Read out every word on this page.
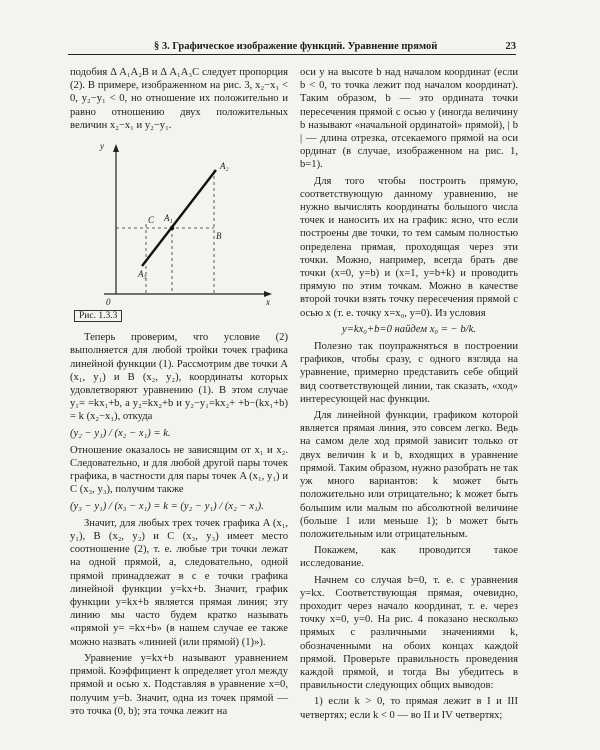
§ 3. Графическое изображение функций. Уравнение прямой	23

подобия Δ A₁A₂B и Δ A₁A₃C следует пропорция (2). В примере, изображенном на рис. 3, x₂−x₁ < 0, y₂−y₁ < 0, но отношение их положительно и равно отношению двух положительных величин x₂−x₁ и y₂−y₁.

y
x
0
A₁
A₂
A₃
B
C
Рис. 1.3.3

Теперь проверим, что условие (2) выполняется для любой тройки точек графика линейной функции (1). Рассмотрим две точки A (x₁, y₁) и B (x₂, y₂), координаты которых удовлетворяют уравнению (1). В этом случае y₁= =kx₁+b, а y₂=kx₂+b и y₂−y₁=kx₂+ +b−(kx₁+b) = k (x₂−x₁), откуда

(y₂ − y₁) / (x₂ − x₁) = k.

Отношение оказалось не зависящим от x₁ и x₂. Следовательно, и для любой другой пары точек графика, в частности для пары точек A (x₁, y₁) и C (x₃, y₃), получим также

(y₃ − y₁) / (x₃ − x₁) = k = (y₂ − y₁) / (x₂ − x₁).

Значит, для любых трех точек графика A (x₁, y₁), B (x₂, y₂) и C (x₃, y₃) имеет место соотношение (2), т. е. любые три точки лежат на одной прямой, а, следовательно, одной прямой принадлежат в с е точки графика линейной функции y=kx+b. Значит, график функции y=kx+b является прямая линия; эту линию мы часто будем кратко называть «прямой y= =kx+b» (в нашем случае ее также можно назвать «линией (или прямой) (1)»).

Уравнение y=kx+b называют уравнением прямой. Коэффициент k определяет угол между прямой и осью x. Подставляя в уравнение x=0, получим y=b. Значит, одна из точек прямой — это точка (0, b); эта точка лежит на

оси y на высоте b над началом координат (если b < 0, то точка лежит под началом координат). Таким образом, b — это ордината точки пересечения прямой с осью y (иногда величину b называют «начальной ординатой» прямой), | b | — длина отрезка, отсекаемого прямой на оси ординат (в случае, изображенном на рис. 1, b=1).

Для того чтобы построить прямую, соответствующую данному уравнению, не нужно вычислять координаты большого числа точек и наносить их на график: ясно, что если построены две точки, то тем самым полностью определена прямая, проходящая через эти точки. Можно, например, всегда брать две точки (x=0, y=b) и (x=1, y=b+k) и проводить прямую по этим точкам. Можно в качестве второй точки взять точку пересечения прямой с осью x (т. е. точку x=x₀, y=0). Из условия

y=kx₀+b=0 найдем x₀ = − b/k.

Полезно так поупражняться в построении графиков, чтобы сразу, с одного взгляда на уравнение, примерно представить себе общий вид соответствующей линии, так сказать, «ход» интересующей нас функции.

Для линейной функции, графиком которой является прямая линия, это совсем легко. Ведь на самом деле ход прямой зависит только от двух величин k и b, входящих в уравнение прямой. Таким образом, нужно разобрать не так уж много вариантов: k может быть положительно или отрицательно; k может быть большим или малым по абсолютной величине (больше 1 или меньше 1); b может быть положительным или отрицательным.

Покажем, как проводится такое исследование.

Начнем со случая b=0, т. е. с уравнения y=kx. Соответствующая прямая, очевидно, проходит через начало координат, т. е. через точку x=0, y=0. На рис. 4 показано несколько прямых с различными значениями k, обозначенными на обоих концах каждой прямой. Проверьте правильность проведения каждой прямой, и тогда Вы убедитесь в правильности следующих общих выводов:

1) если k > 0, то прямая лежит в I и III четвертях; если k < 0 — во II и IV четвертях;
